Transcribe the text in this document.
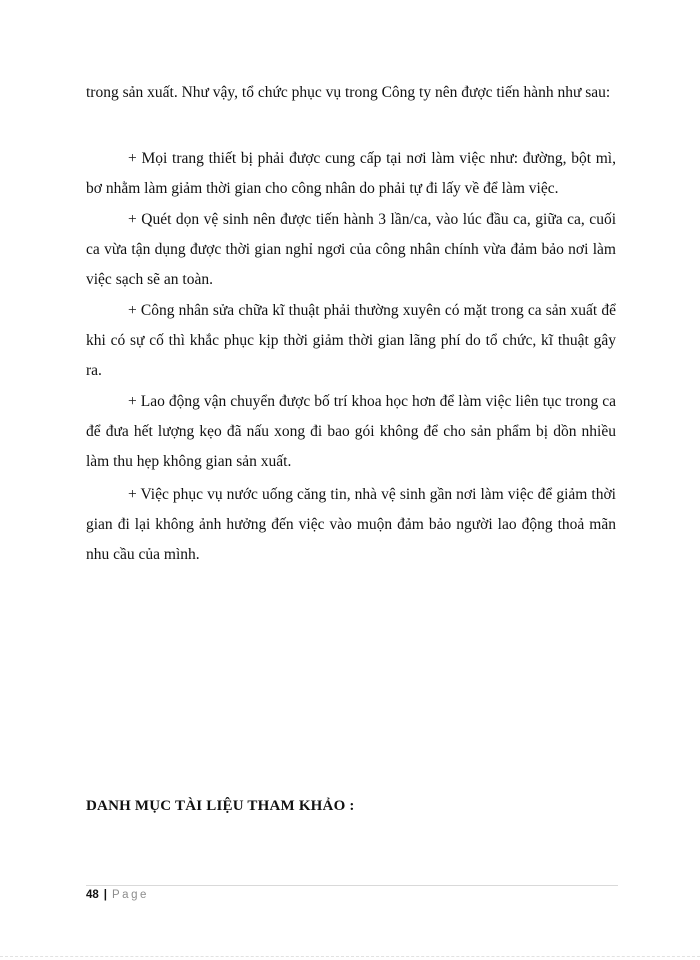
trong sản xuất. Như vậy, tổ chức phục vụ trong Công ty nên được tiến hành như sau:

+ Mọi trang thiết bị phải được cung cấp tại nơi làm việc như: đường, bột mì, bơ nhằm làm giảm thời gian cho công nhân do phải tự đi lấy về để làm việc.

+ Quét dọn vệ sinh nên được tiến hành 3 lần/ca, vào lúc đầu ca, giữa ca, cuối ca vừa tận dụng được thời gian nghỉ ngơi của công nhân chính vừa đảm bảo nơi làm việc sạch sẽ an toàn.

+ Công nhân sửa chữa kĩ thuật phải thường xuyên có mặt trong ca sản xuất để khi có sự cố thì khắc phục kịp thời giảm thời gian lãng phí do tổ chức, kĩ thuật gây ra.

+ Lao động vận chuyển được bố trí khoa học hơn để làm việc liên tục trong ca để đưa hết lượng kẹo đã nấu xong đi bao gói không để cho sản phẩm bị dồn nhiều làm thu hẹp không gian sản xuất.

+ Việc phục vụ nước uống căng tin, nhà vệ sinh gần nơi làm việc để giảm thời gian đi lại không ảnh hưởng đến việc vào muộn đảm bảo người lao động thoả mãn nhu cầu của mình.

DANH MỤC TÀI LIỆU THAM KHẢO :
48 | Page
